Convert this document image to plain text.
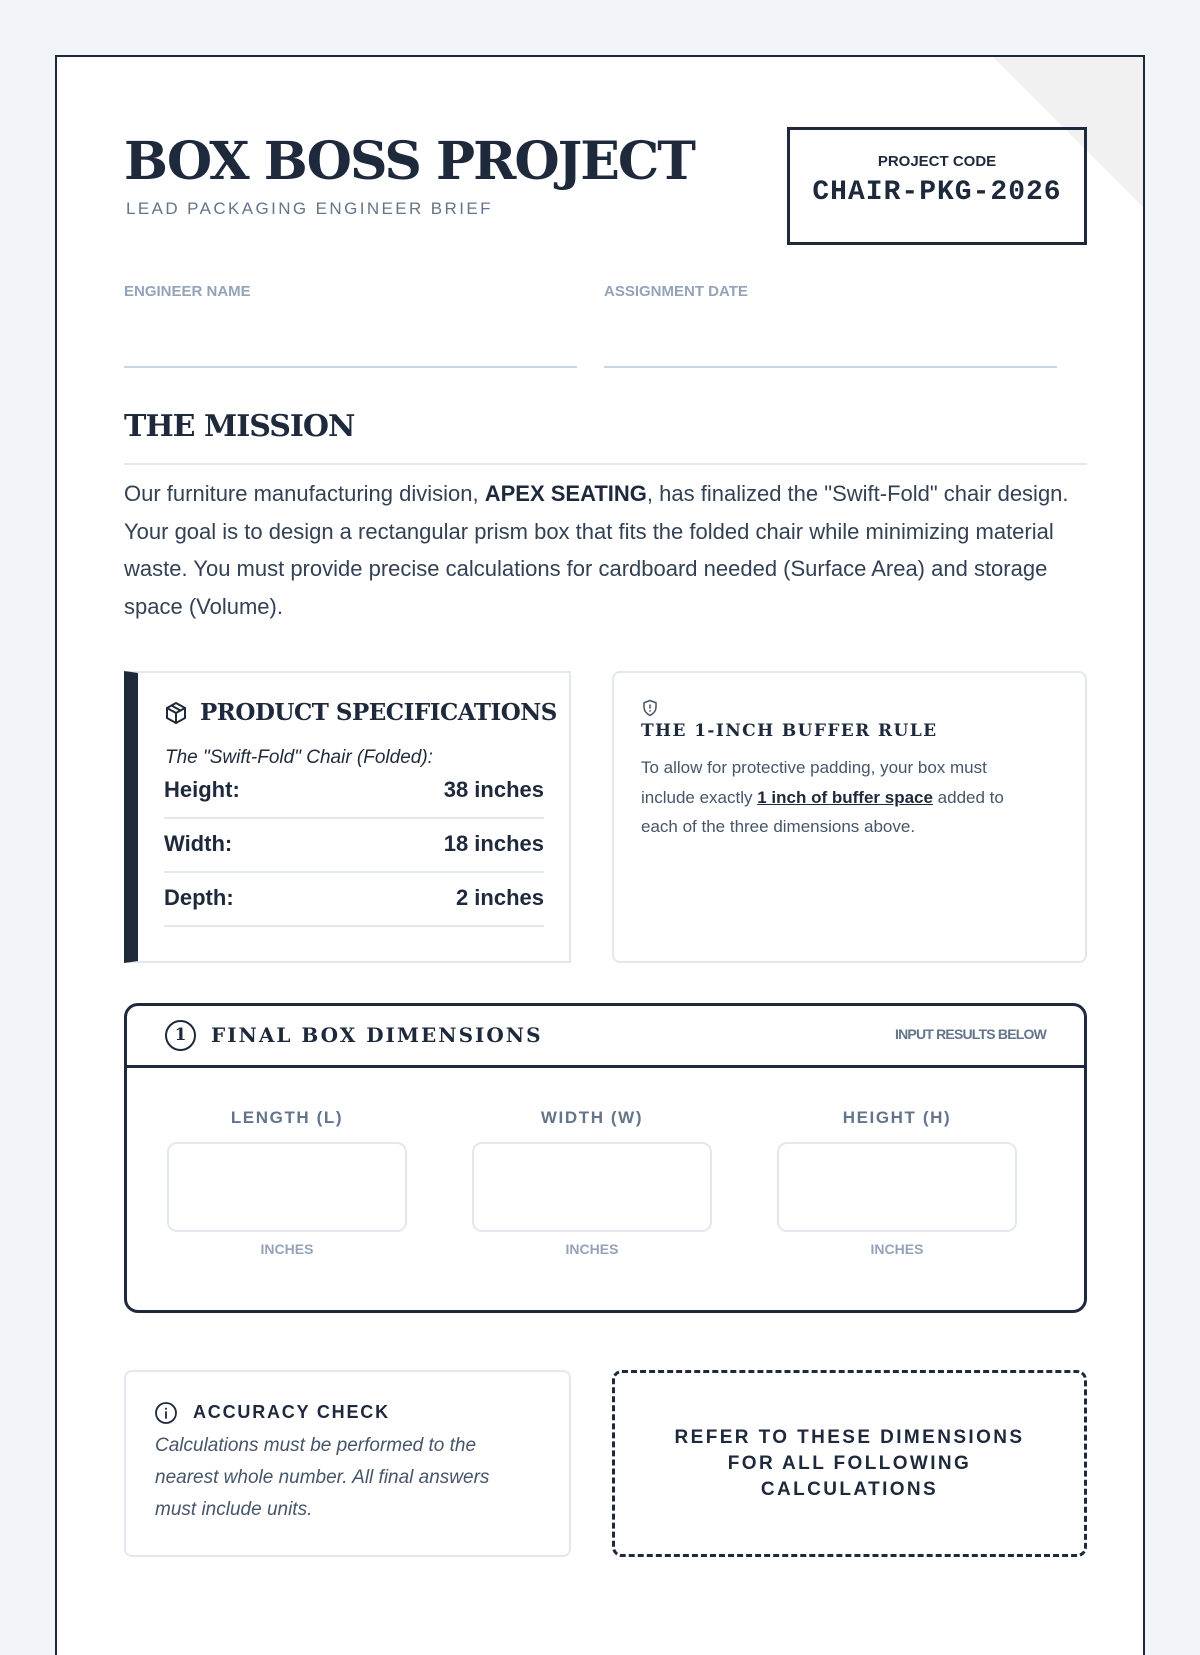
BOX BOSS PROJECT
LEAD PACKAGING ENGINEER BRIEF
PROJECT CODE
CHAIR-PKG-2026
ENGINEER NAME	ASSIGNMENT DATE
THE MISSION

Our furniture manufacturing division, APEX SEATING, has finalized the "Swift-Fold" chair design. Your goal is to design a rectangular prism box that fits the folded chair while minimizing material waste. You must provide precise calculations for cardboard needed (Surface Area) and storage space (Volume).

PRODUCT SPECIFICATIONS
The "Swift-Fold" Chair (Folded):
Height:	38 inches
Width:	18 inches
Depth:	2 inches
THE 1-INCH BUFFER RULE

To allow for protective padding, your box must include exactly 1 inch of buffer space added to each of the three dimensions above.

1	FINAL BOX DIMENSIONS	INPUT RESULTS BELOW
LENGTH (L)
INCHES
WIDTH (W)
INCHES
HEIGHT (H)
INCHES
ACCURACY CHECK

Calculations must be performed to the nearest whole number. All final answers must include units.

REFER TO THESE DIMENSIONS FOR ALL FOLLOWING CALCULATIONS
